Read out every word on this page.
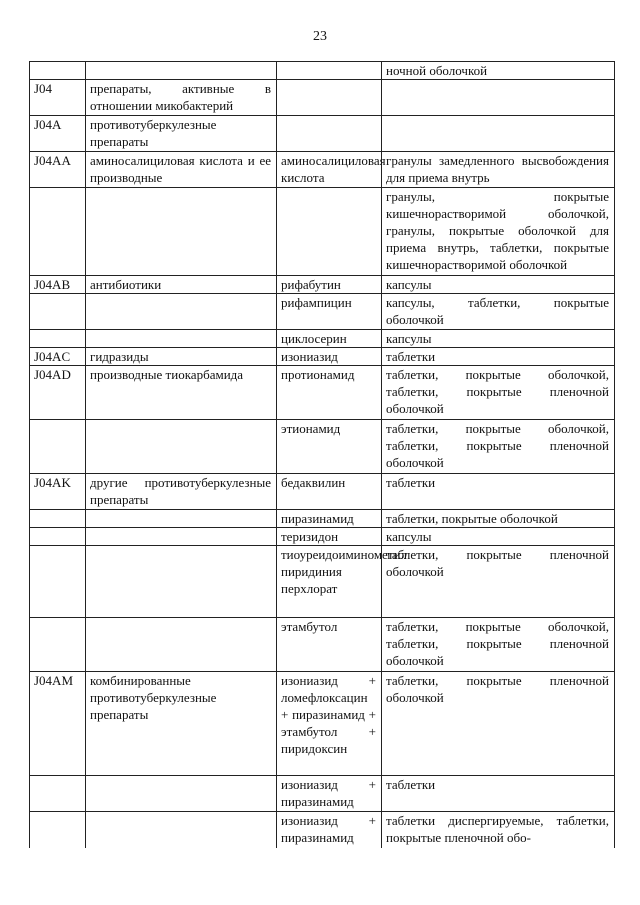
23
			ночной оболочкой
J04	препараты, активные в отношении микобактерий		
J04A	противотуберкулезные препараты		
J04AA	аминосалициловая кислота и ее производные	аминосалициловая кислота	гранулы замедленного высвобождения для приема внутрь
			гранулы, покрытые кишечнорастворимой оболочкой, гранулы, покрытые оболочкой для приема внутрь, таблетки, покрытые кишечнорастворимой оболочкой
J04AB	антибиотики	рифабутин	капсулы
		рифампицин	капсулы, таблетки, покрытые оболочкой
		циклосерин	капсулы
J04AC	гидразиды	изониазид	таблетки
J04AD	производные тиокарбамида	протионамид	таблетки, покрытые оболочкой, таблетки, покрытые пленочной оболочкой
		этионамид	таблетки, покрытые оболочкой, таблетки, покрытые пленочной оболочкой
J04AK	другие противотуберкулезные препараты	бедаквилин	таблетки
		пиразинамид	таблетки, покрытые оболочкой
		теризидон	капсулы
		тиоуреидоиминометил пиридиния перхлорат	таблетки, покрытые пленочной оболочкой
		этамбутол	таблетки, покрытые оболочкой, таблетки, покрытые пленочной оболочкой
J04AM	комбинированные противотуберкулезные препараты	изониазид + ломефлоксацин + пиразинамид + этамбутол + пиридоксин	таблетки, покрытые пленочной оболочкой
		изониазид + пиразинамид	таблетки
		изониазид + пиразинамид	таблетки диспергируемые, таблетки, покрытые пленочной обо-
